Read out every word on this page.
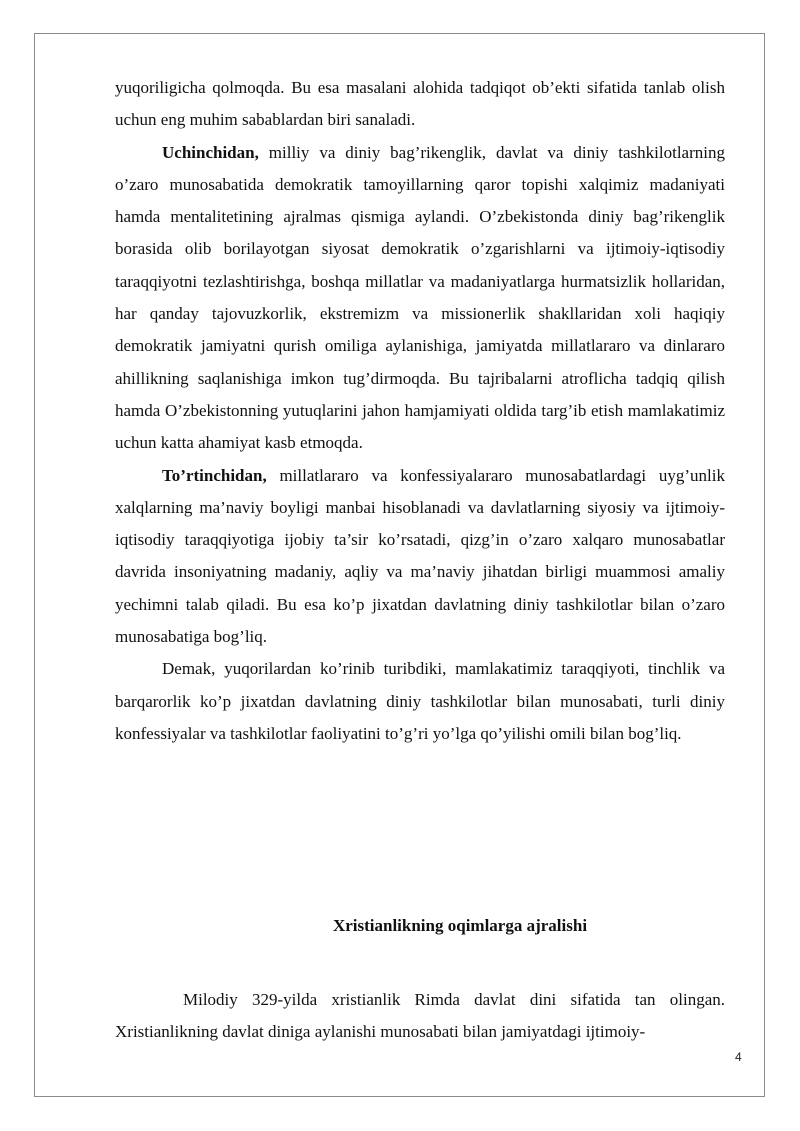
yuqoriligicha qolmoqda. Bu esa masalani alohida tadqiqot ob’ekti sifatida tanlab olish uchun eng muhim sabablardan biri sanaladi.

Uchinchidan, milliy va diniy bag’rikenglik, davlat va diniy tashkilotlarning o’zaro munosabatida demokratik tamoyillarning qaror topishi xalqimiz madaniyati hamda mentalitetining ajralmas qismiga aylandi. O’zbekistonda diniy bag’rikenglik borasida olib borilayotgan siyosat demokratik o’zgarishlarni va ijtimoiy-iqtisodiy taraqqiyotni tezlashtirishga, boshqa millatlar va madaniyatlarga hurmatsizlik hollaridan, har qanday tajovuzkorlik, ekstremizm va missionerlik shakllaridan xoli haqiqiy demokratik jamiyatni qurish omiliga aylanishiga, jamiyatda millatlararo va dinlararo ahillikning saqlanishiga imkon tug’dirmoqda. Bu tajribalarni atroflicha tadqiq qilish hamda O’zbekistonning yutuqlarini jahon hamjamiyati oldida targ’ib etish mamlakatimiz uchun katta ahamiyat kasb etmoqda.

To’rtinchidan, millatlararo va konfessiyalararo munosabatlardagi uyg’unlik xalqlarning ma’naviy boyligi manbai hisoblanadi va davlatlarning siyosiy va ijtimoiy-iqtisodiy taraqqiyotiga ijobiy ta’sir ko’rsatadi, qizg’in o’zaro xalqaro munosabatlar davrida insoniyatning madaniy, aqliy va ma’naviy jihatdan birligi muammosi amaliy yechimni talab qiladi. Bu esa ko’p jixatdan davlatning diniy tashkilotlar bilan o’zaro munosabatiga bog’liq.

Demak, yuqorilardan ko’rinib turibdiki, mamlakatimiz taraqqiyoti, tinchlik va barqarorlik ko’p jixatdan davlatning diniy tashkilotlar bilan munosabati, turli diniy konfessiyalar va tashkilotlar faoliyatini to’g’ri yo’lga qo’yilishi omili bilan bog’liq.

Xristianlikning oqimlarga ajralishi

Milodiy 329-yilda xristianlik Rimda davlat dini sifatida tan olingan. Xristianlikning davlat diniga aylanishi munosabati bilan jamiyatdagi ijtimoiy-

4
